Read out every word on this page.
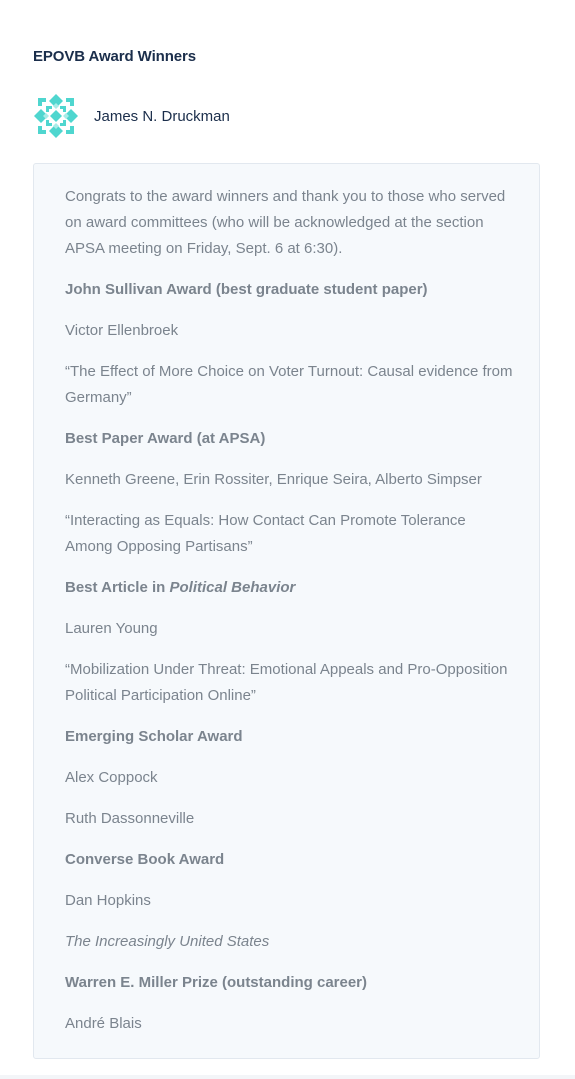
EPOVB Award Winners
James N. Druckman

Congrats to the award winners and thank you to those who served on award committees (who will be acknowledged at the section APSA meeting on Friday, Sept. 6 at 6:30).

John Sullivan Award (best graduate student paper)

Victor Ellenbroek

“The Effect of More Choice on Voter Turnout: Causal evidence from Germany”

Best Paper Award (at APSA)

Kenneth Greene, Erin Rossiter, Enrique Seira, Alberto Simpser

“Interacting as Equals: How Contact Can Promote Tolerance Among Opposing Partisans”

Best Article in Political Behavior

Lauren Young

“Mobilization Under Threat: Emotional Appeals and Pro-Opposition Political Participation Online”

Emerging Scholar Award

Alex Coppock

Ruth Dassonneville

Converse Book Award

Dan Hopkins

The Increasingly United States

Warren E. Miller Prize (outstanding career)

André Blais
